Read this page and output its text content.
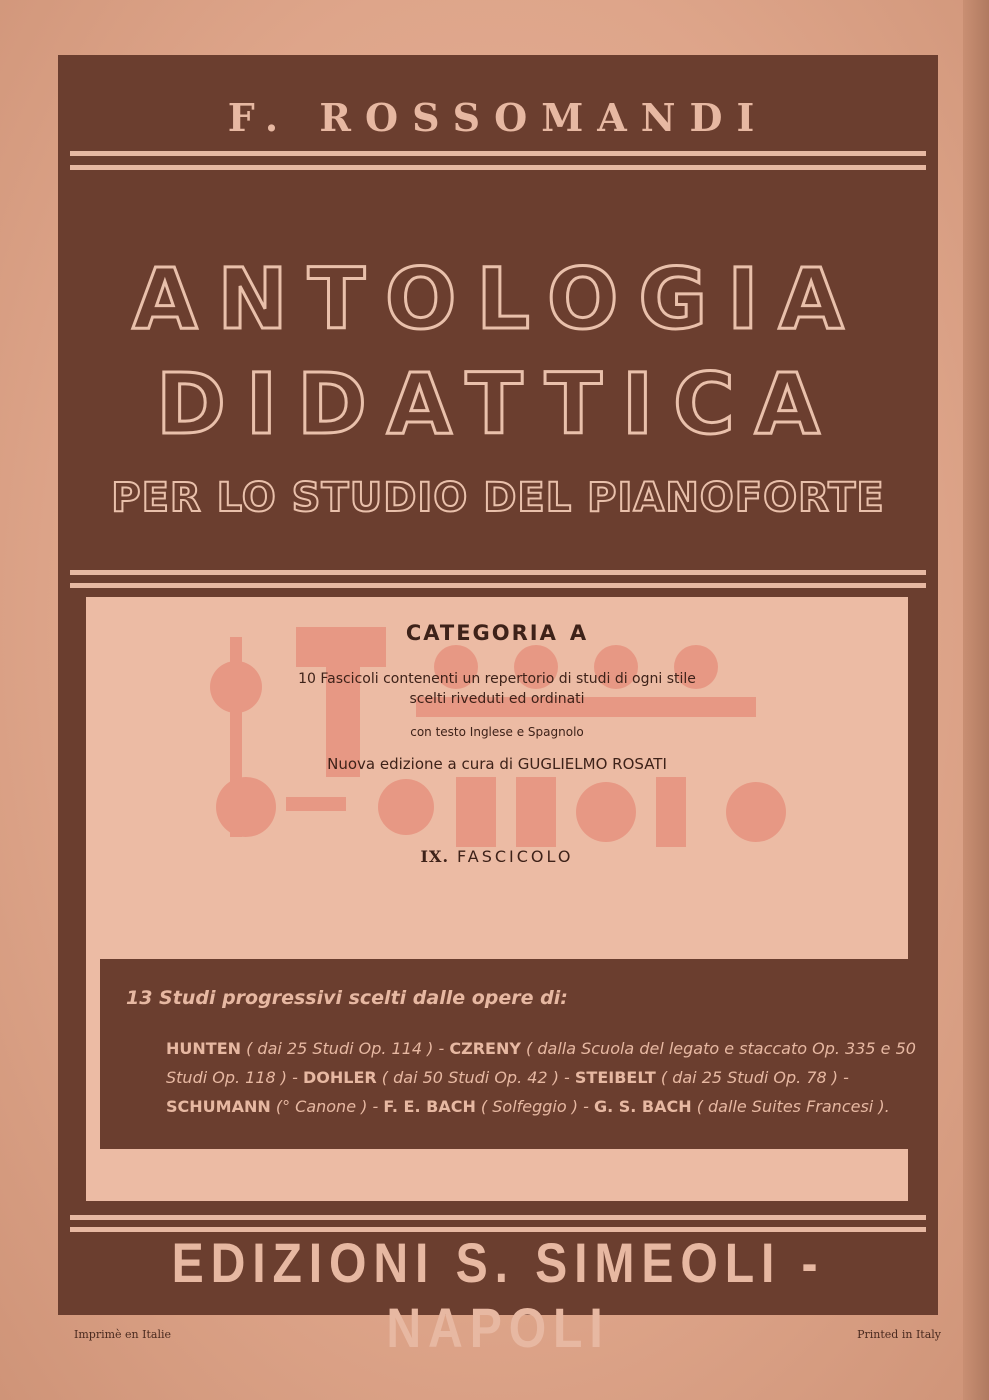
F. ROSSOMANDI
ANTOLOGIA
DIDATTICA
PER LO STUDIO DEL PIANOFORTE
CATEGORIA A
10 Fascicoli contenenti un repertorio di studi di ogni stile
scelti riveduti ed ordinati
con testo Inglese e Spagnolo
Nuova edizione a cura di GUGLIELMO ROSATI
IX. FASCICOLO
13 Studi progressivi scelti dalle opere di:
HUNTEN ( dai 25 Studi Op. 114 ) - CZRENY ( dalla Scuola del legato e staccato Op. 335 e 50
Studi Op. 118 ) - DOHLER ( dai 50 Studi Op. 42 ) - STEIBELT ( dai 25 Studi Op. 78 ) -
SCHUMANN (° Canone ) - F. E. BACH ( Solfeggio ) - G. S. BACH ( dalle Suites Francesi ).
EDIZIONI S. SIMEOLI - NAPOLI
Imprimè en Italie	Printed in Italy
